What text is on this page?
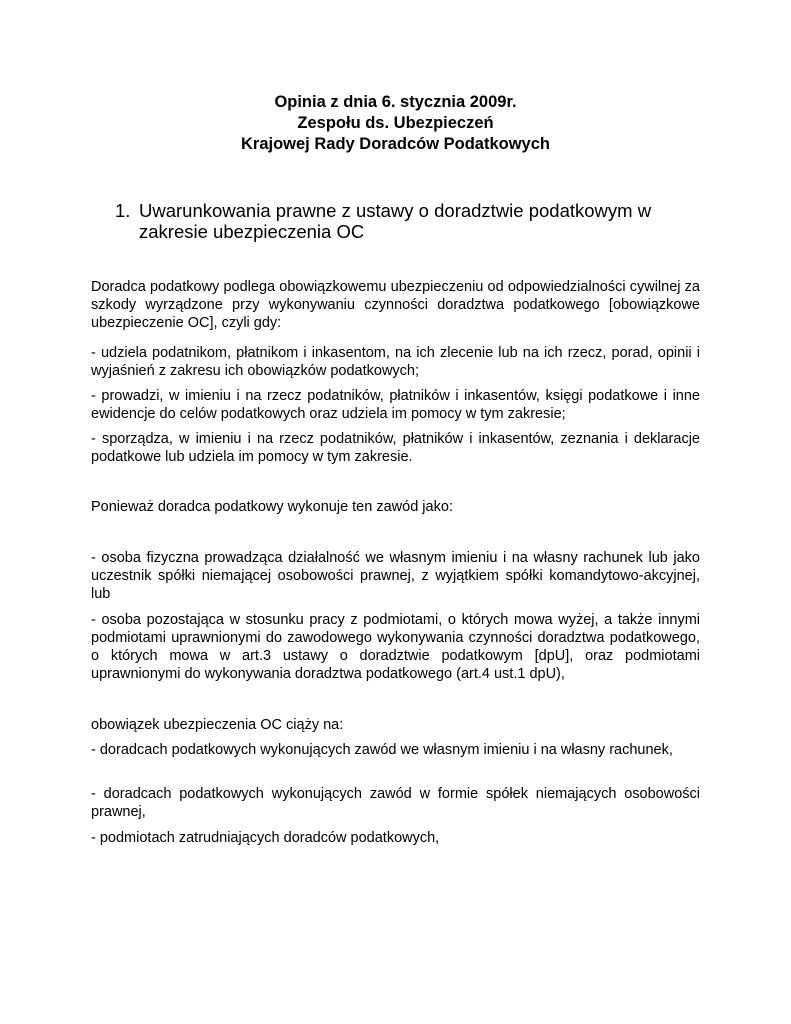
Opinia z dnia 6. stycznia 2009r.
Zespołu ds. Ubezpieczeń
Krajowej Rady Doradców Podatkowych
1. Uwarunkowania prawne z ustawy o doradztwie podatkowym w zakresie ubezpieczenia OC

Doradca podatkowy podlega obowiązkowemu ubezpieczeniu od odpowiedzialności cywilnej za szkody wyrządzone przy wykonywaniu czynności doradztwa podatkowego [obowiązkowe ubezpieczenie OC], czyli gdy:

- udziela podatnikom, płatnikom i inkasentom, na ich zlecenie lub na ich rzecz, porad, opinii i wyjaśnień z zakresu ich obowiązków podatkowych;

- prowadzi, w imieniu i na rzecz podatników, płatników i inkasentów, księgi podatkowe i inne ewidencje do celów podatkowych oraz udziela im pomocy w tym zakresie;

- sporządza, w imieniu i na rzecz podatników, płatników i inkasentów, zeznania i deklaracje podatkowe lub udziela im pomocy w tym zakresie.

Ponieważ doradca podatkowy wykonuje ten zawód jako:

- osoba fizyczna prowadząca działalność we własnym imieniu i na własny rachunek lub jako uczestnik spółki niemającej osobowości prawnej, z wyjątkiem spółki komandytowo-akcyjnej, lub

- osoba pozostająca w stosunku pracy z podmiotami, o których mowa wyżej, a także innymi podmiotami uprawnionymi do zawodowego wykonywania czynności doradztwa podatkowego, o których mowa w art.3 ustawy o doradztwie podatkowym [dpU], oraz podmiotami uprawnionymi do wykonywania doradztwa podatkowego (art.4 ust.1 dpU),

obowiązek ubezpieczenia OC ciąży na:

- doradcach podatkowych wykonujących zawód we własnym imieniu i na własny rachunek,

- doradcach podatkowych wykonujących zawód w formie spółek niemających osobowości prawnej,

- podmiotach zatrudniających doradców podatkowych,
